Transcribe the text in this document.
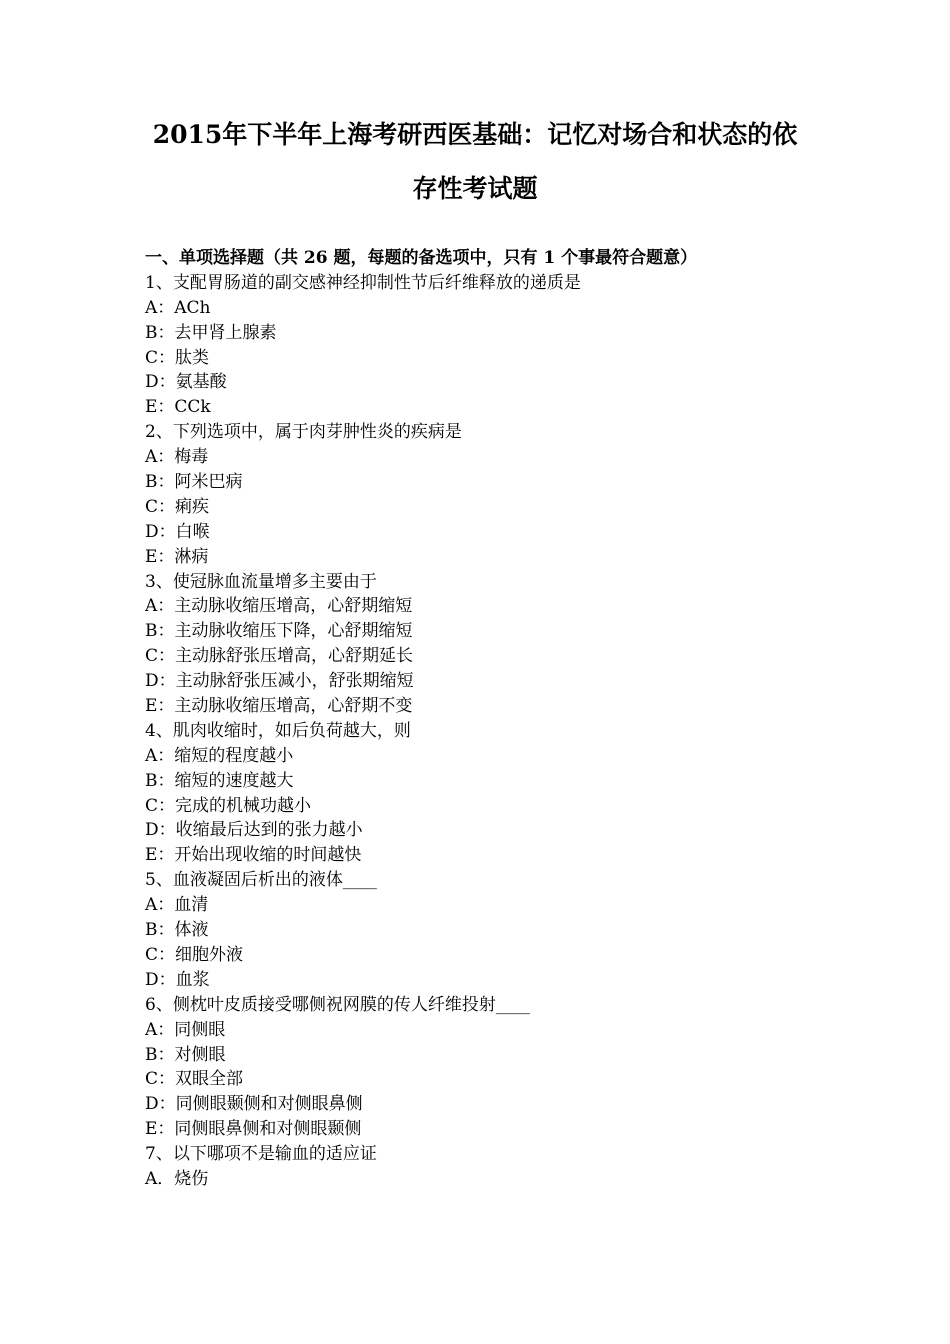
2015年下半年上海考研西医基础：记忆对场合和状态的依
存性考试题
一、单项选择题（共 26 题，每题的备选项中，只有 1 个事最符合题意）
1、支配胃肠道的副交感神经抑制性节后纤维释放的递质是
A：ACh
B：去甲肾上腺素
C：肽类
D：氨基酸
E：CCk
2、下列选项中，属于肉芽肿性炎的疾病是
A：梅毒
B：阿米巴病
C：痢疾
D：白喉
E：淋病
3、使冠脉血流量增多主要由于
A：主动脉收缩压增高，心舒期缩短
B：主动脉收缩压下降，心舒期缩短
C：主动脉舒张压增高，心舒期延长
D：主动脉舒张压减小，舒张期缩短
E：主动脉收缩压增高，心舒期不变
4、肌肉收缩时，如后负荷越大，则
A：缩短的程度越小
B：缩短的速度越大
C：完成的机械功越小
D：收缩最后达到的张力越小
E：开始出现收缩的时间越快
5、血液凝固后析出的液体____
A：血清
B：体液
C：细胞外液
D：血浆
6、侧枕叶皮质接受哪侧祝网膜的传人纤维投射____
A：同侧眼
B：对侧眼
C：双眼全部
D：同侧眼颞侧和对侧眼鼻侧
E：同侧眼鼻侧和对侧眼颞侧
7、以下哪项不是输血的适应证
A．烧伤
